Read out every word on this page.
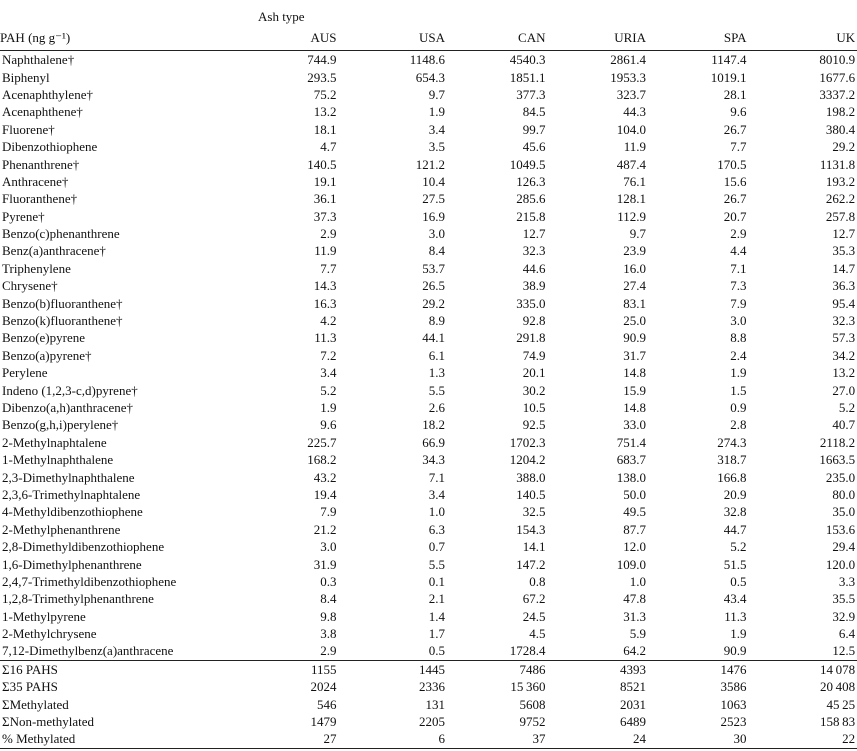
Ash type						

PAH (ng g⁻¹)	AUS	USA	CAN	URIA	SPA	UK
Naphthalene†	744.9	1148.6	4540.3	2861.4	1147.4	8010.9
Biphenyl	293.5	654.3	1851.1	1953.3	1019.1	1677.6
Acenaphthylene†	75.2	9.7	377.3	323.7	28.1	3337.2
Acenaphthene†	13.2	1.9	84.5	44.3	9.6	198.2
Fluorene†	18.1	3.4	99.7	104.0	26.7	380.4
Dibenzothiophene	4.7	3.5	45.6	11.9	7.7	29.2
Phenanthrene†	140.5	121.2	1049.5	487.4	170.5	1131.8
Anthracene†	19.1	10.4	126.3	76.1	15.6	193.2
Fluoranthene†	36.1	27.5	285.6	128.1	26.7	262.2
Pyrene†	37.3	16.9	215.8	112.9	20.7	257.8
Benzo(c)phenanthrene	2.9	3.0	12.7	9.7	2.9	12.7
Benz(a)anthracene†	11.9	8.4	32.3	23.9	4.4	35.3
Triphenylene	7.7	53.7	44.6	16.0	7.1	14.7
Chrysene†	14.3	26.5	38.9	27.4	7.3	36.3
Benzo(b)fluoranthene†	16.3	29.2	335.0	83.1	7.9	95.4
Benzo(k)fluoranthene†	4.2	8.9	92.8	25.0	3.0	32.3
Benzo(e)pyrene	11.3	44.1	291.8	90.9	8.8	57.3
Benzo(a)pyrene†	7.2	6.1	74.9	31.7	2.4	34.2
Perylene	3.4	1.3	20.1	14.8	1.9	13.2
Indeno (1,2,3-c,d)pyrene†	5.2	5.5	30.2	15.9	1.5	27.0
Dibenzo(a,h)anthracene†	1.9	2.6	10.5	14.8	0.9	5.2
Benzo(g,h,i)perylene†	9.6	18.2	92.5	33.0	2.8	40.7
2-Methylnaphtalene	225.7	66.9	1702.3	751.4	274.3	2118.2
1-Methylnaphthalene	168.2	34.3	1204.2	683.7	318.7	1663.5
2,3-Dimethylnaphthalene	43.2	7.1	388.0	138.0	166.8	235.0
2,3,6-Trimethylnaphtalene	19.4	3.4	140.5	50.0	20.9	80.0
4-Methyldibenzothiophene	7.9	1.0	32.5	49.5	32.8	35.0
2-Methylphenanthrene	21.2	6.3	154.3	87.7	44.7	153.6
2,8-Dimethyldibenzothiophene	3.0	0.7	14.1	12.0	5.2	29.4
1,6-Dimethylphenanthrene	31.9	5.5	147.2	109.0	51.5	120.0
2,4,7-Trimethyldibenzothiophene	0.3	0.1	0.8	1.0	0.5	3.3
1,2,8-Trimethylphenanthrene	8.4	2.1	67.2	47.8	43.4	35.5
1-Methylpyrene	9.8	1.4	24.5	31.3	11.3	32.9
2-Methylchrysene	3.8	1.7	4.5	5.9	1.9	6.4
7,12-Dimethylbenz(a)anthracene	2.9	0.5	1728.4	64.2	90.9	12.5
Σ16 PAHS	1155	1445	7486	4393	1476	14 078
Σ35 PAHS	2024	2336	15 360	8521	3586	20 408
ΣMethylated	546	131	5608	2031	1063	45 25
ΣNon-methylated	1479	2205	9752	6489	2523	158 83
% Methylated	27	6	37	24	30	22
